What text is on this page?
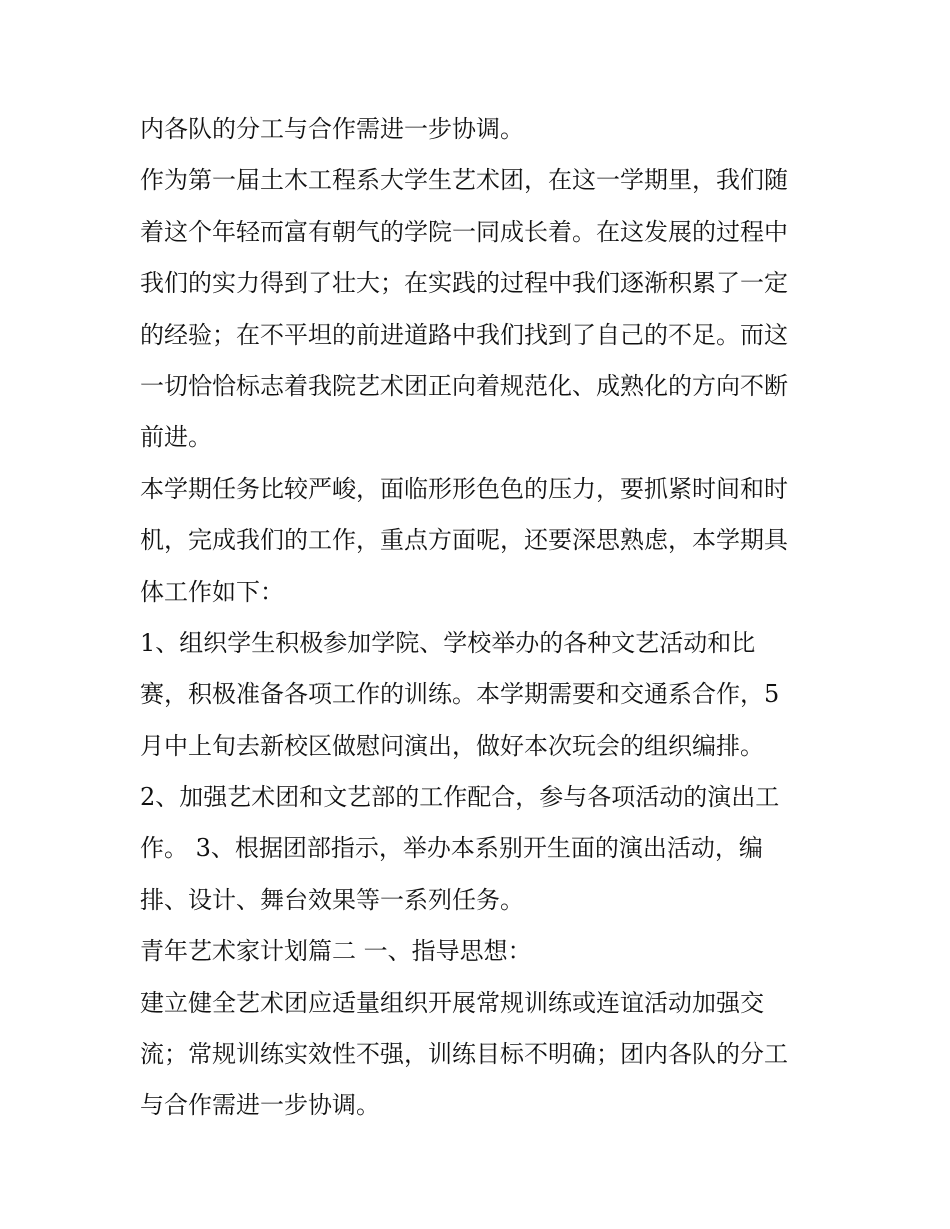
内各队的分工与合作需进一步协调。
作为第一届土木工程系大学生艺术团，在这一学期里，我们随
着这个年轻而富有朝气的学院一同成长着。在这发展的过程中
我们的实力得到了壮大；在实践的过程中我们逐渐积累了一定
的经验；在不平坦的前进道路中我们找到了自己的不足。而这
一切恰恰标志着我院艺术团正向着规范化、成熟化的方向不断
前进。
本学期任务比较严峻，面临形形色色的压力，要抓紧时间和时
机，完成我们的工作，重点方面呢，还要深思熟虑，本学期具
体工作如下：
1、组织学生积极参加学院、学校举办的各种文艺活动和比
赛，积极准备各项工作的训练。本学期需要和交通系合作，5
月中上旬去新校区做慰问演出，做好本次玩会的组织编排。
2、加强艺术团和文艺部的工作配合，参与各项活动的演出工
作。 3、根据团部指示，举办本系别开生面的演出活动，编
排、设计、舞台效果等一系列任务。
青年艺术家计划篇二 一、指导思想：
建立健全艺术团应适量组织开展常规训练或连谊活动加强交
流；常规训练实效性不强，训练目标不明确；团内各队的分工
与合作需进一步协调。
